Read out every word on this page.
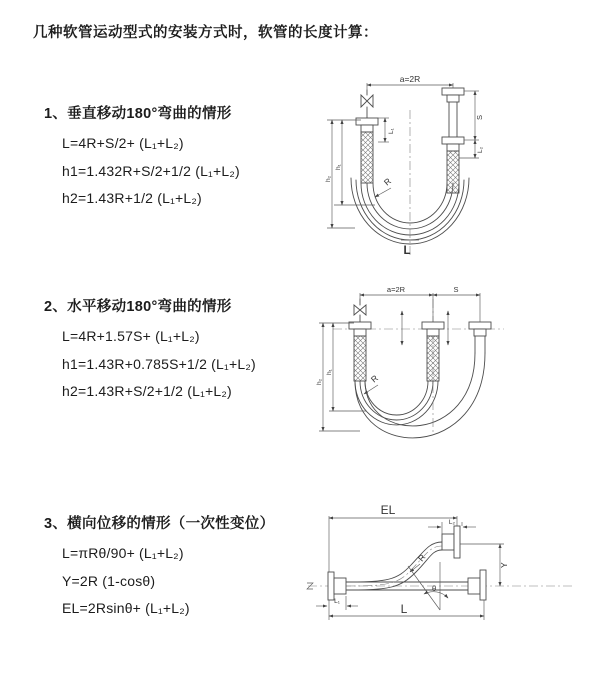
几种软管运动型式的安装方式时，软管的长度计算：
1、垂直移动180°弯曲的情形
L=4R+S/2+ (L₁+L₂)
h1=1.432R+S/2+1/2 (L₁+L₂)
h2=1.43R+1/2 (L₁+L₂)
2、水平移动180°弯曲的情形
L=4R+1.57S+ (L₁+L₂)
h1=1.43R+0.785S+1/2 (L₁+L₂)
h2=1.43R+S/2+1/2 (L₁+L₂)
3、横向位移的情形（一次性变位）
L=πRθ/90+ (L₁+L₂)
Y=2R (1-cosθ)
EL=2Rsinθ+ (L₁+L₂)
a=2R
S
L₂
L₁
h₂
h₁
R
L
a=2R	S
h₂
h₁
R
EL
L₂
Y
L
L₁
R
θ
